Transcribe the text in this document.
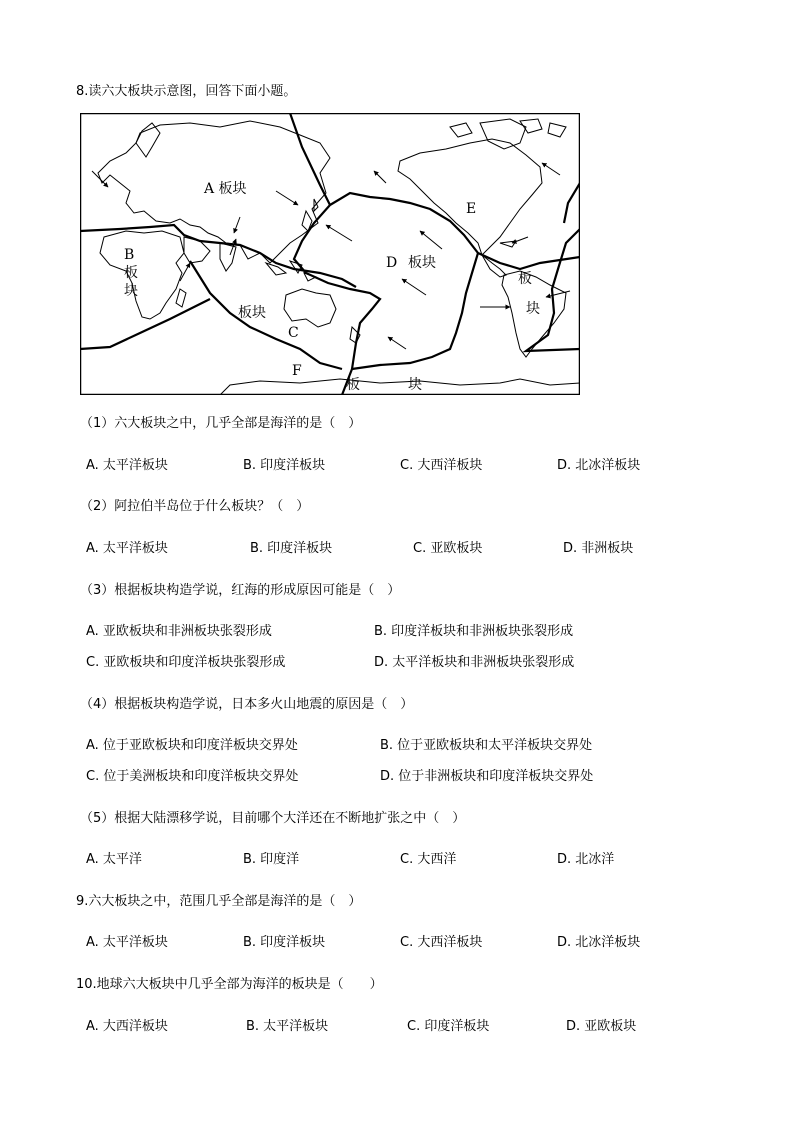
8.读六大板块示意图，回答下面小题。
A 板块
B
板
块
板块
C
D 板块
E
板
块
F
板	块
（1）六大板块之中，几乎全部是海洋的是（　）
A. 太平洋板块	B. 印度洋板块	C. 大西洋板块	D. 北冰洋板块
（2）阿拉伯半岛位于什么板块？（　）
A. 太平洋板块	B. 印度洋板块	C. 亚欧板块	D. 非洲板块
（3）根据板块构造学说，红海的形成原因可能是（　）
A. 亚欧板块和非洲板块张裂形成	B. 印度洋板块和非洲板块张裂形成
C. 亚欧板块和印度洋板块张裂形成	D. 太平洋板块和非洲板块张裂形成
（4）根据板块构造学说，日本多火山地震的原因是（　）
A. 位于亚欧板块和印度洋板块交界处	B. 位于亚欧板块和太平洋板块交界处
C. 位于美洲板块和印度洋板块交界处	D. 位于非洲板块和印度洋板块交界处
（5）根据大陆漂移学说，目前哪个大洋还在不断地扩张之中（　）
A. 太平洋	B. 印度洋	C. 大西洋	D. 北冰洋
9.六大板块之中，范围几乎全部是海洋的是（　）
A. 太平洋板块	B. 印度洋板块	C. 大西洋板块	D. 北冰洋板块
10.地球六大板块中几乎全部为海洋的板块是（　　）
A. 大西洋板块	B. 太平洋板块	C. 印度洋板块	D. 亚欧板块
